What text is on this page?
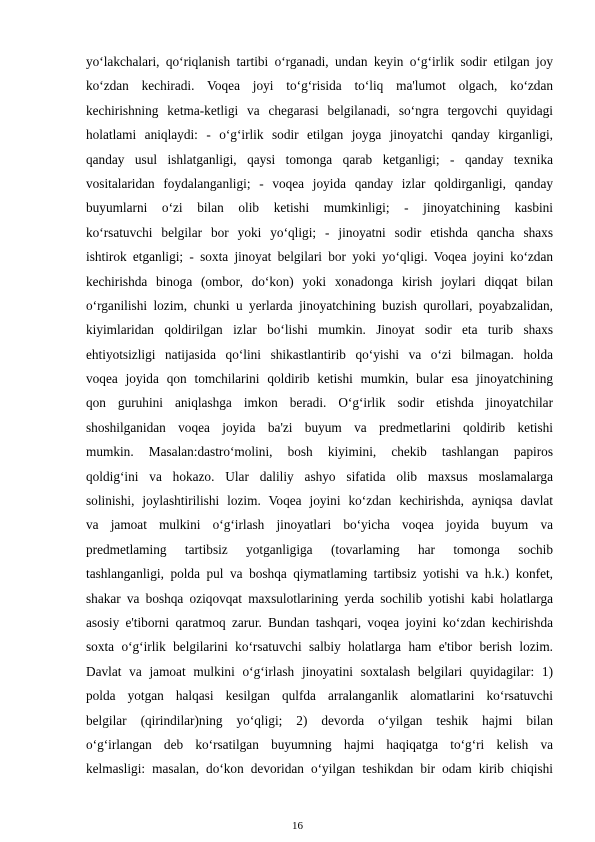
yo‘lakchalari, qo‘riqlanish tartibi o‘rganadi, undan keyin o‘g‘irlik sodir etilgan joy
ko‘zdan kechiradi. Voqea joyi to‘g‘risida to‘liq ma'lumot olgach, ko‘zdan
kechirishning ketma-ketligi va chegarasi belgilanadi, so‘ngra tergovchi quyidagi
holatlami aniqlaydi: - o‘g‘irlik sodir etilgan joyga jinoyatchi qanday kirganligi,
qanday usul ishlatganligi, qaysi tomonga qarab ketganligi; - qanday texnika
vositalaridan foydalanganligi; - voqea joyida qanday izlar qoldirganligi, qanday
buyumlarni o‘zi bilan olib ketishi mumkinligi; - jinoyatchining kasbini
ko‘rsatuvchi belgilar bor yoki yo‘qligi; - jinoyatni sodir etishda qancha shaxs
ishtirok etganligi; - soxta jinoyat belgilari bor yoki yo‘qligi. Voqea joyini ko‘zdan
kechirishda binoga (ombor, do‘kon) yoki xonadonga kirish joylari diqqat bilan
o‘rganilishi lozim, chunki u yerlarda jinoyatchining buzish qurollari, poyabzalidan,
kiyimlaridan qoldirilgan izlar bo‘lishi mumkin. Jinoyat sodir eta turib shaxs
ehtiyotsizligi natijasida qo‘lini shikastlantirib qo‘yishi va o‘zi bilmagan. holda
voqea joyida qon tomchilarini qoldirib ketishi mumkin, bular esa jinoyatchining
qon guruhini aniqlashga imkon beradi. O‘g‘irlik sodir etishda jinoyatchilar
shoshilganidan voqea joyida ba'zi buyum va predmetlarini qoldirib ketishi
mumkin. Masalan:dastro‘molini, bosh kiyimini, chekib tashlangan papiros
qoldig‘ini va hokazo. Ular daliliy ashyo sifatida olib maxsus moslamalarga
solinishi, joylashtirilishi lozim. Voqea joyini ko‘zdan kechirishda, ayniqsa davlat
va jamoat mulkini o‘g‘irlash jinoyatlari bo‘yicha voqea joyida buyum va
predmetlaming tartibsiz yotganligiga (tovarlaming har tomonga sochib
tashlanganligi, polda pul va boshqa qiymatlaming tartibsiz yotishi va h.k.) konfet,
shakar va boshqa oziqovqat maxsulotlarining yerda sochilib yotishi kabi holatlarga
asosiy e'tiborni qaratmoq zarur. Bundan tashqari, voqea joyini ko‘zdan kechirishda
soxta o‘g‘irlik belgilarini ko‘rsatuvchi salbiy holatlarga ham e'tibor berish lozim.
Davlat va jamoat mulkini o‘g‘irlash jinoyatini soxtalash belgilari quyidagilar: 1)
polda yotgan halqasi kesilgan qulfda arralanganlik alomatlarini ko‘rsatuvchi
belgilar (qirindilar)ning yo‘qligi; 2) devorda o‘yilgan teshik hajmi bilan
o‘g‘irlangan deb ko‘rsatilgan buyumning hajmi haqiqatga to‘g‘ri kelish va
kelmasligi: masalan, do‘kon devoridan o‘yilgan teshikdan bir odam kirib chiqishi
16
